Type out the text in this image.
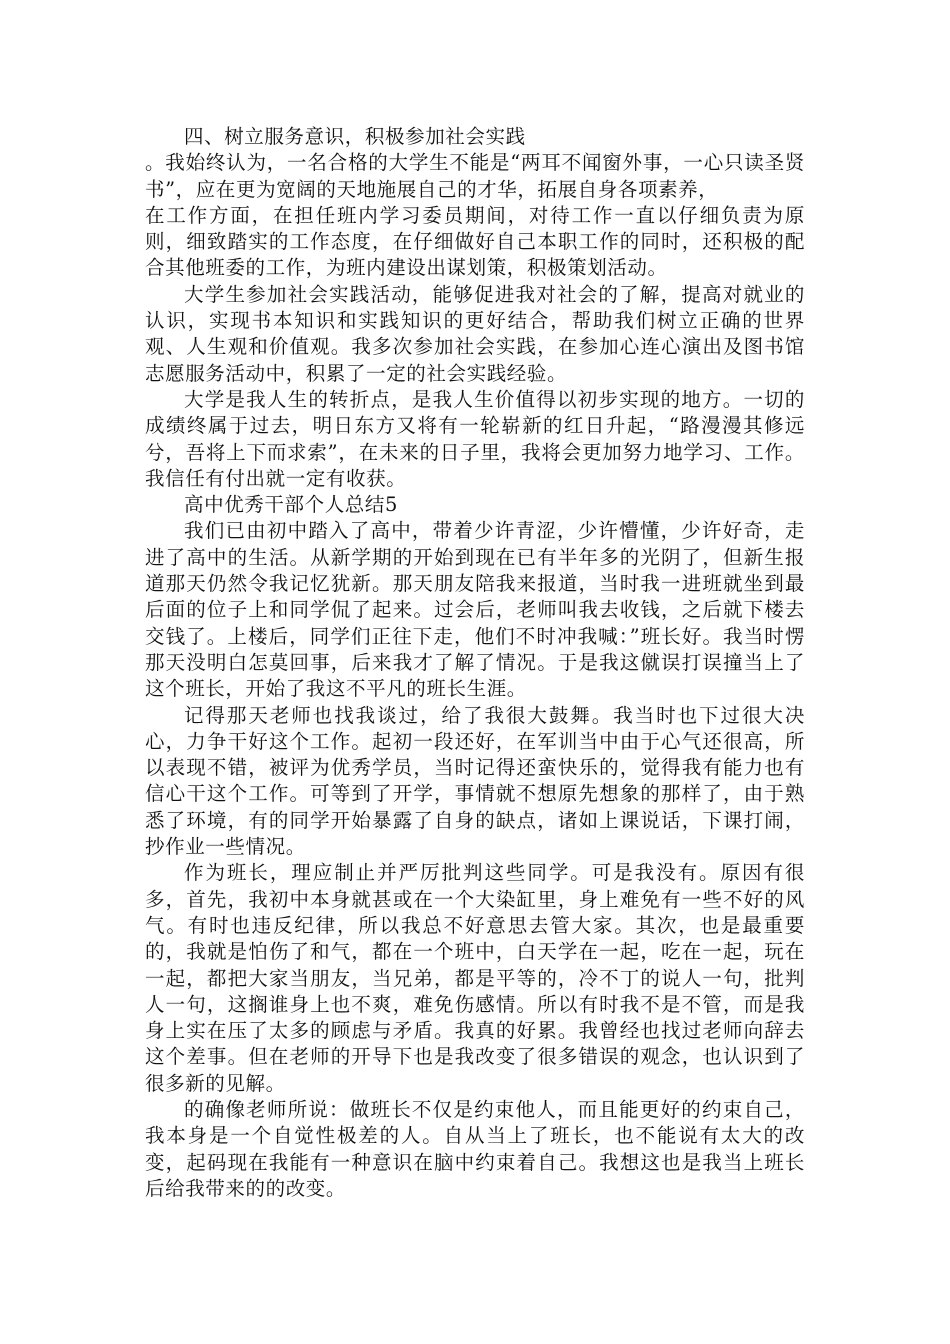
四、树立服务意识，积极参加社会实践

。我始终认为，一名合格的大学生不能是“两耳不闻窗外事，一心只读圣贤书”，应在更为宽阔的天地施展自己的才华，拓展自身各项素养，

在工作方面，在担任班内学习委员期间，对待工作一直以仔细负责为原则，细致踏实的工作态度，在仔细做好自己本职工作的同时，还积极的配合其他班委的工作，为班内建设出谋划策，积极策划活动。

大学生参加社会实践活动，能够促进我对社会的了解，提高对就业的认识，实现书本知识和实践知识的更好结合，帮助我们树立正确的世界观、人生观和价值观。我多次参加社会实践，在参加心连心演出及图书馆志愿服务活动中，积累了一定的社会实践经验。

大学是我人生的转折点，是我人生价值得以初步实现的地方。一切的成绩终属于过去，明日东方又将有一轮崭新的红日升起，“路漫漫其修远兮，吾将上下而求索”，在未来的日子里，我将会更加努力地学习、工作。我信任有付出就一定有收获。

高中优秀干部个人总结5

我们已由初中踏入了高中，带着少许青涩，少许懵懂，少许好奇，走进了高中的生活。从新学期的开始到现在已有半年多的光阴了，但新生报道那天仍然令我记忆犹新。那天朋友陪我来报道，当时我一进班就坐到最后面的位子上和同学侃了起来。过会后，老师叫我去收钱，之后就下楼去交钱了。上楼后，同学们正往下走，他们不时冲我喊：”班长好。我当时愣那天没明白怎莫回事，后来我才了解了情况。于是我这僦误打误撞当上了这个班长，开始了我这不平凡的班长生涯。

记得那天老师也找我谈过，给了我很大鼓舞。我当时也下过很大决心，力争干好这个工作。起初一段还好，在军训当中由于心气还很高，所以表现不错，被评为优秀学员，当时记得还蛮快乐的，觉得我有能力也有信心干这个工作。可等到了开学，事情就不想原先想象的那样了，由于熟悉了环境，有的同学开始暴露了自身的缺点，诸如上课说话，下课打闹，抄作业一些情况。

作为班长，理应制止并严厉批判这些同学。可是我没有。原因有很多，首先，我初中本身就甚或在一个大染缸里，身上难免有一些不好的风气。有时也违反纪律，所以我总不好意思去管大家。其次，也是最重要的，我就是怕伤了和气，都在一个班中，白天学在一起，吃在一起，玩在一起，都把大家当朋友，当兄弟，都是平等的，冷不丁的说人一句，批判人一句，这搁谁身上也不爽，难免伤感情。所以有时我不是不管，而是我身上实在压了太多的顾虑与矛盾。我真的好累。我曾经也找过老师向辞去这个差事。但在老师的开导下也是我改变了很多错误的观念，也认识到了很多新的见解。

的确像老师所说：做班长不仅是约束他人，而且能更好的约束自己，我本身是一个自觉性极差的人。自从当上了班长，也不能说有太大的改变，起码现在我能有一种意识在脑中约束着自己。我想这也是我当上班长后给我带来的的改变。
